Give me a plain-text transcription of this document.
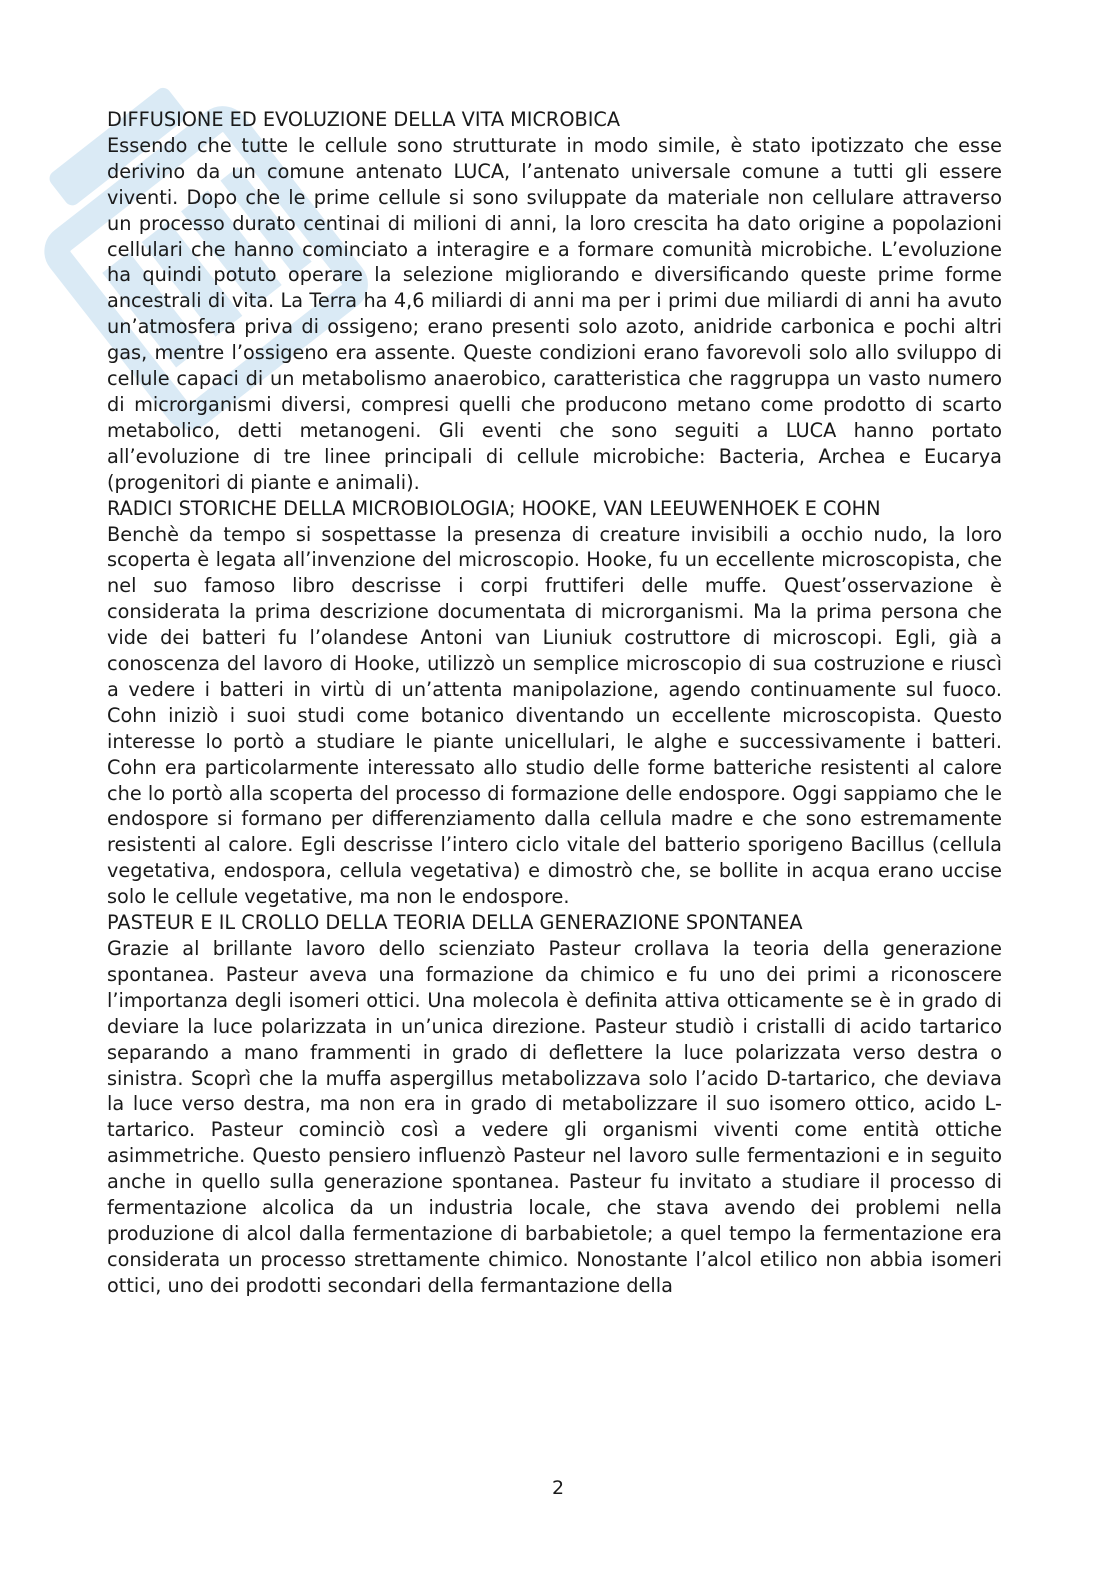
DIFFUSIONE ED EVOLUZIONE DELLA VITA MICROBICA

Essendo che tutte le cellule sono strutturate in modo simile, è stato ipotizzato che esse derivino da un comune antenato LUCA, l’antenato universale comune a tutti gli essere viventi. Dopo che le prime cellule si sono sviluppate da materiale non cellulare attraverso un processo durato centinai di milioni di anni, la loro crescita ha dato origine a popolazioni cellulari che hanno cominciato a interagire e a formare comunità microbiche. L’evoluzione ha quindi potuto operare la selezione migliorando e diversificando queste prime forme ancestrali di vita. La Terra ha 4,6 miliardi di anni ma per i primi due miliardi di anni ha avuto un’atmosfera priva di ossigeno; erano presenti solo azoto, anidride carbonica e pochi altri gas, mentre l’ossigeno era assente. Queste condizioni erano favorevoli solo allo sviluppo di cellule capaci di un metabolismo anaerobico, caratteristica che raggruppa un vasto numero di microrganismi diversi, compresi quelli che producono metano come prodotto di scarto metabolico, detti metanogeni. Gli eventi che sono seguiti a LUCA hanno portato all’evoluzione di tre linee principali di cellule microbiche: Bacteria, Archea e Eucarya (progenitori di piante e animali).

RADICI STORICHE DELLA MICROBIOLOGIA; HOOKE, VAN LEEUWENHOEK E COHN

Benchè da tempo si sospettasse la presenza di creature invisibili a occhio nudo, la loro scoperta è legata all’invenzione del microscopio. Hooke, fu un eccellente microscopista, che nel suo famoso libro descrisse i corpi fruttiferi delle muffe. Quest’osservazione è considerata la prima descrizione documentata di microrganismi. Ma la prima persona che vide dei batteri fu l’olandese Antoni van Liuniuk costruttore di microscopi. Egli, già a conoscenza del lavoro di Hooke, utilizzò un semplice microscopio di sua costruzione e riuscì a vedere i batteri in virtù di un’attenta manipolazione, agendo continuamente sul fuoco. Cohn iniziò i suoi studi come botanico diventando un eccellente microscopista. Questo interesse lo portò a studiare le piante unicellulari, le alghe e successivamente i batteri. Cohn era particolarmente interessato allo studio delle forme batteriche resistenti al calore che lo portò alla scoperta del processo di formazione delle endospore. Oggi sappiamo che le endospore si formano per differenziamento dalla cellula madre e che sono estremamente resistenti al calore. Egli descrisse l’intero ciclo vitale del batterio sporigeno Bacillus (cellula vegetativa, endospora, cellula vegetativa) e dimostrò che, se bollite in acqua erano uccise solo le cellule vegetative, ma non le endospore.

PASTEUR E IL CROLLO DELLA TEORIA DELLA GENERAZIONE SPONTANEA

Grazie al brillante lavoro dello scienziato Pasteur crollava la teoria della generazione spontanea. Pasteur aveva una formazione da chimico e fu uno dei primi a riconoscere l’importanza degli isomeri ottici. Una molecola è definita attiva otticamente se è in grado di deviare la luce polarizzata in un’unica direzione. Pasteur studiò i cristalli di acido tartarico separando a mano frammenti in grado di deflettere la luce polarizzata verso destra o sinistra. Scoprì che la muffa aspergillus metabolizzava solo l’acido D-tartarico, che deviava la luce verso destra, ma non era in grado di metabolizzare il suo isomero ottico, acido L-tartarico. Pasteur cominciò così a vedere gli organismi viventi come entità ottiche asimmetriche. Questo pensiero influenzò Pasteur nel lavoro sulle fermentazioni e in seguito anche in quello sulla generazione spontanea. Pasteur fu invitato a studiare il processo di fermentazione alcolica da un industria locale, che stava avendo dei problemi nella produzione di alcol dalla fermentazione di barbabietole; a quel tempo la fermentazione era considerata un processo strettamente chimico. Nonostante l’alcol etilico non abbia isomeri ottici, uno dei prodotti secondari della fermantazione della

2
